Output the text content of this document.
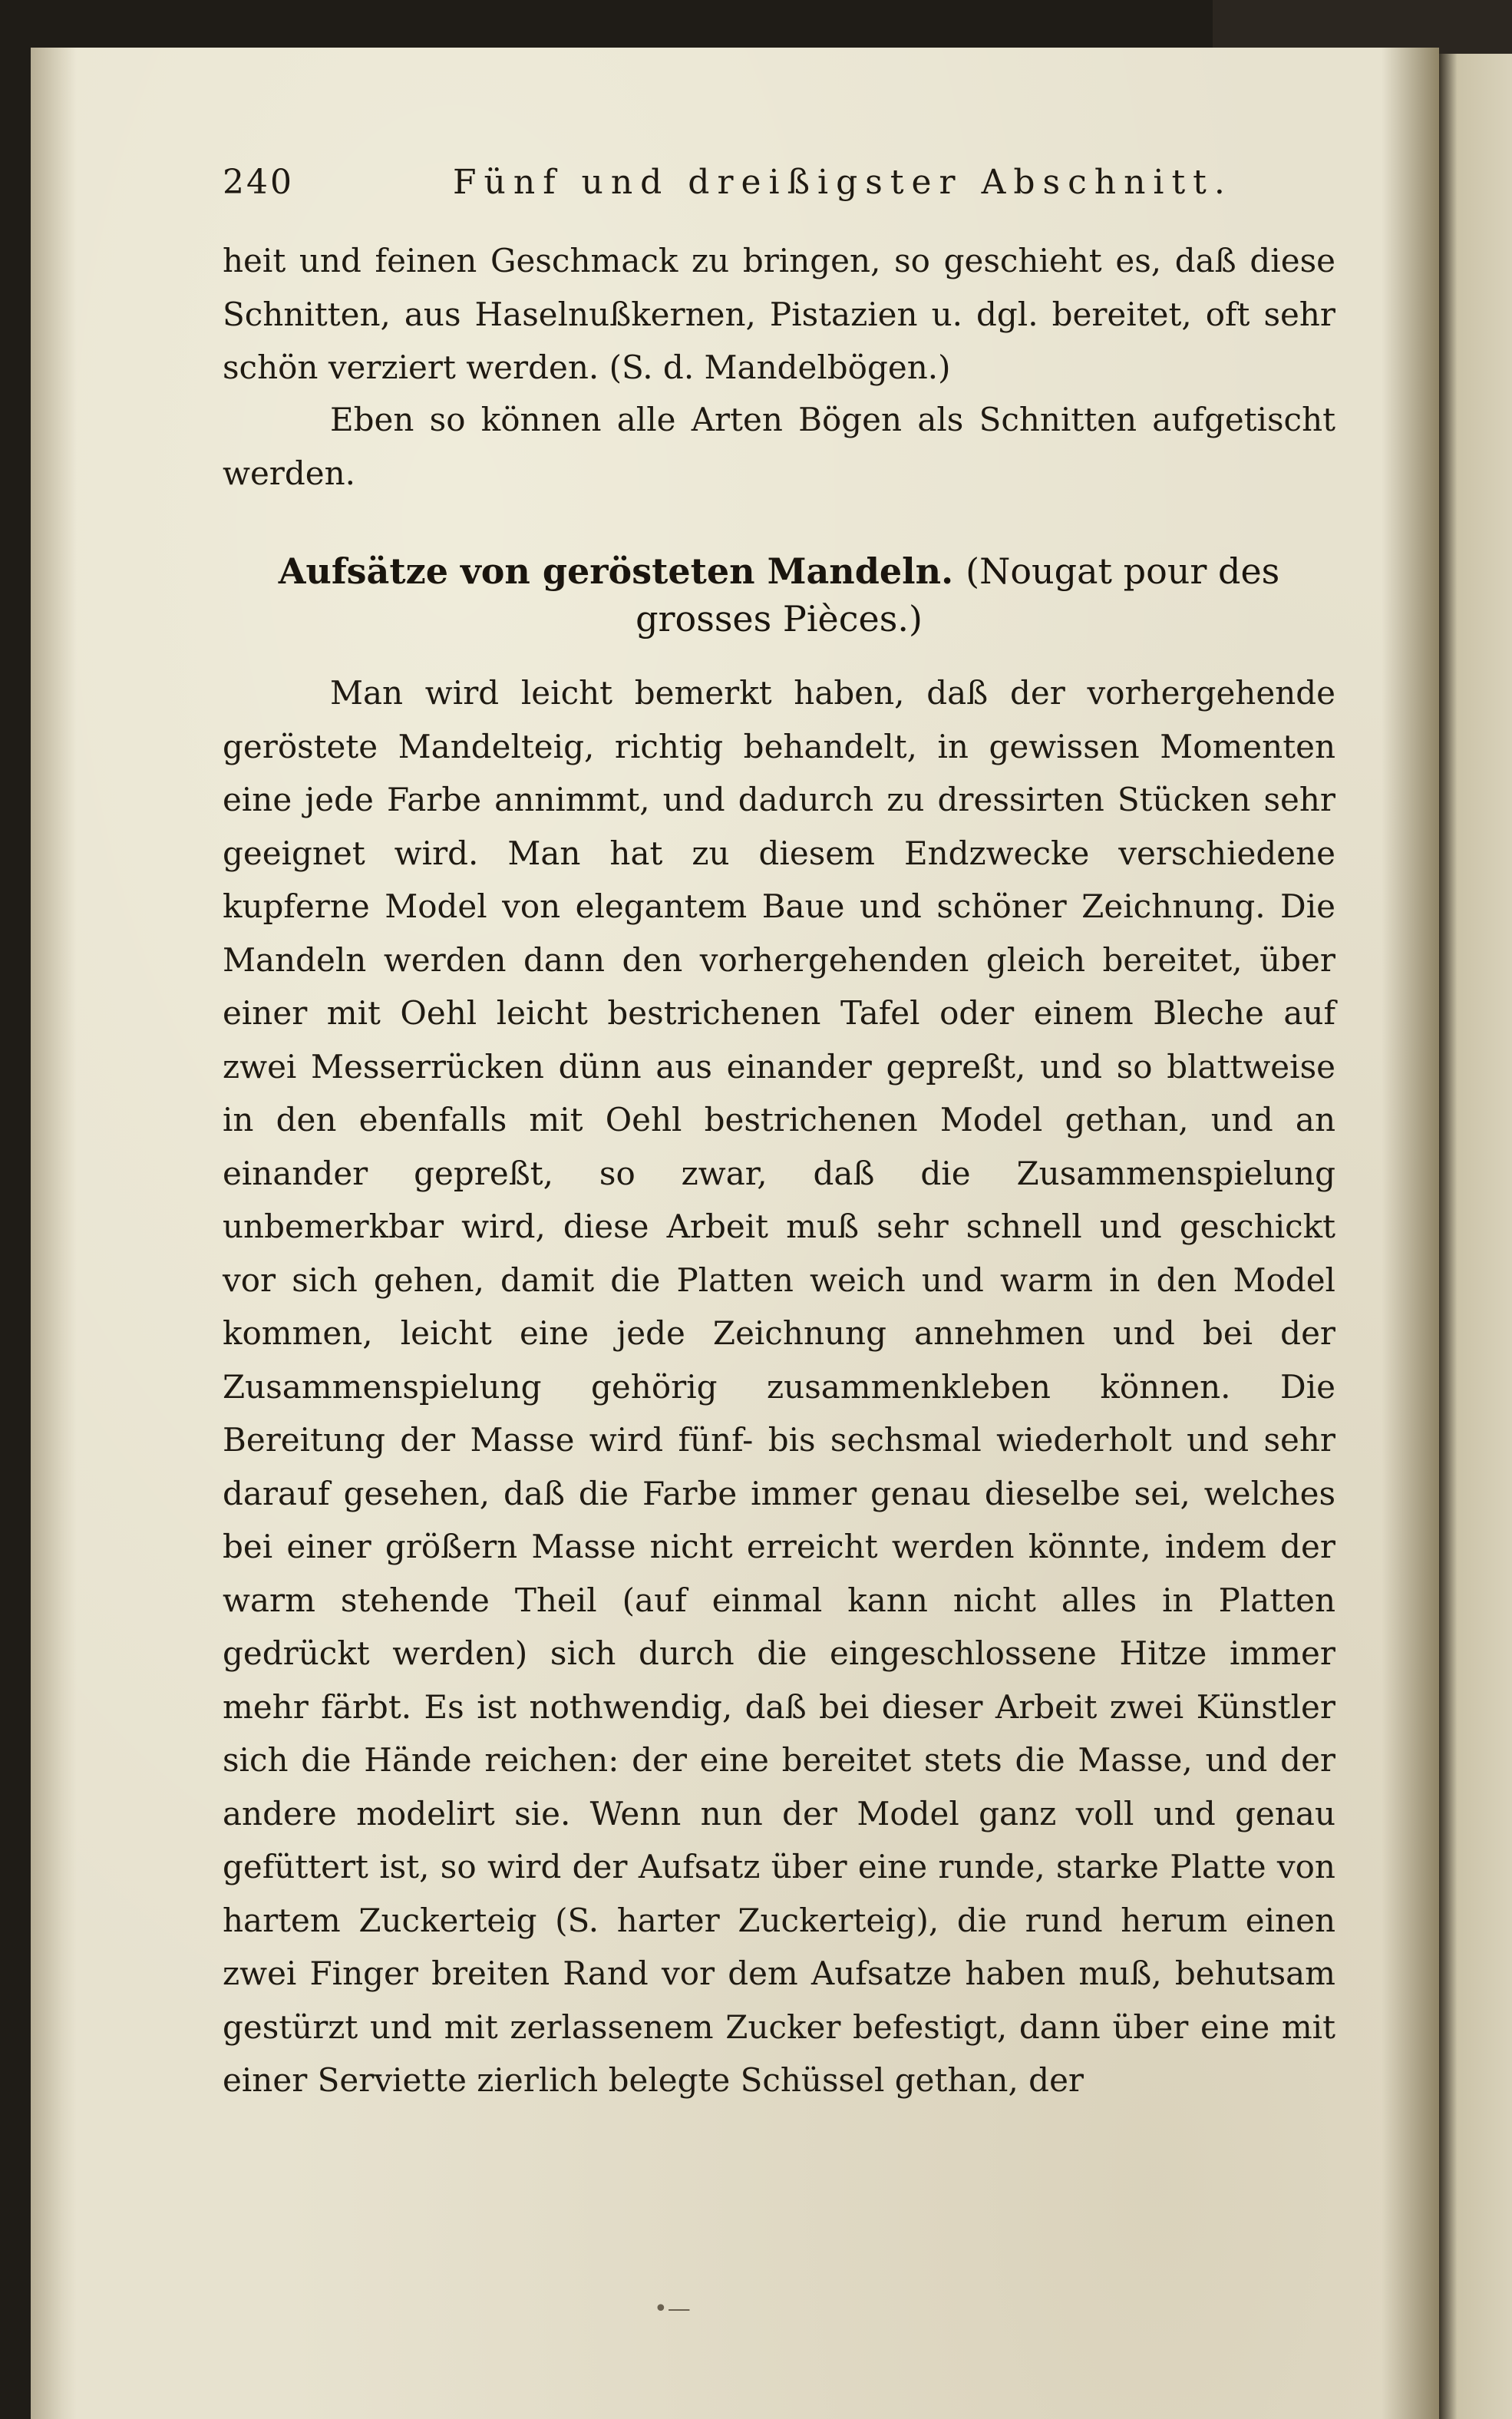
240	Fünf und dreißigster Abschnitt.
heit und feinen Geschmack zu bringen, so geschieht es, daß diese Schnitten, aus Haselnußkernen, Pistazien u. dgl. bereitet, oft sehr schön verziert werden. (S. d. Mandelbögen.)
Eben so können alle Arten Bögen als Schnitten aufgetischt werden.
Aufsätze von gerösteten Mandeln. (Nougat pour des grosses Pièces.)
Man wird leicht bemerkt haben, daß der vorhergehende geröstete Mandelteig, richtig behandelt, in gewissen Momenten eine jede Farbe annimmt, und dadurch zu dressirten Stücken sehr geeignet wird. Man hat zu diesem Endzwecke verschiedene kupferne Model von elegantem Baue und schöner Zeichnung. Die Mandeln werden dann den vorhergehenden gleich bereitet, über einer mit Oehl leicht bestrichenen Tafel oder einem Bleche auf zwei Messerrücken dünn aus einander gepreßt, und so blattweise in den ebenfalls mit Oehl bestrichenen Model gethan, und an einander gepreßt, so zwar, daß die Zusammenspielung unbemerkbar wird, diese Arbeit muß sehr schnell und geschickt vor sich gehen, damit die Platten weich und warm in den Model kommen, leicht eine jede Zeichnung annehmen und bei der Zusammenspielung gehörig zusammenkleben können. Die Bereitung der Masse wird fünf- bis sechsmal wiederholt und sehr darauf gesehen, daß die Farbe immer genau dieselbe sei, welches bei einer größern Masse nicht erreicht werden könnte, indem der warm stehende Theil (auf einmal kann nicht alles in Platten gedrückt werden) sich durch die eingeschlossene Hitze immer mehr färbt. Es ist nothwendig, daß bei dieser Arbeit zwei Künstler sich die Hände reichen: der eine bereitet stets die Masse, und der andere modelirt sie. Wenn nun der Model ganz voll und genau gefüttert ist, so wird der Aufsatz über eine runde, starke Platte von hartem Zuckerteig (S. harter Zuckerteig), die rund herum einen zwei Finger breiten Rand vor dem Aufsatze haben muß, behutsam gestürzt und mit zerlassenem Zucker befestigt, dann über eine mit einer Serviette zierlich belegte Schüssel gethan, der
•—
